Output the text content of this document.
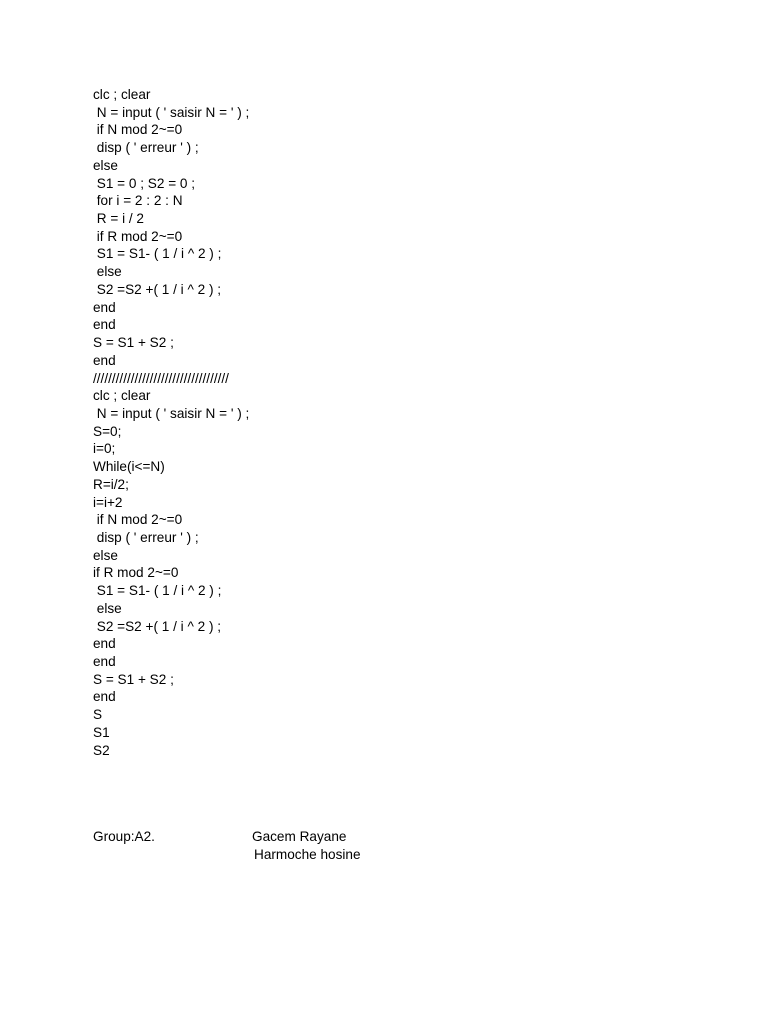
clc ; clear
N = input ( ' saisir N = ' ) ;
if N mod 2~=0
disp ( ' erreur ' ) ;
else
S1 = 0 ; S2 = 0 ;
for i = 2 : 2 : N
R = i / 2
if R mod 2~=0
S1 = S1- ( 1 / i ^ 2 ) ;
else
S2 =S2 +( 1 / i ^ 2 ) ;
end
end
S = S1 + S2 ;
end
////////////////////////////////////
clc ; clear
N = input ( ' saisir N = ' ) ;
S=0;
i=0;
While(i<=N)
R=i/2;
i=i+2
if N mod 2~=0
disp ( ' erreur ' ) ;
else
if R mod 2~=0
S1 = S1- ( 1 / i ^ 2 ) ;
else
S2 =S2 +( 1 / i ^ 2 ) ;
end
end
S = S1 + S2 ;
end
S
S1
S2
Group:A2.	Gacem Rayane
Harmoche hosine
